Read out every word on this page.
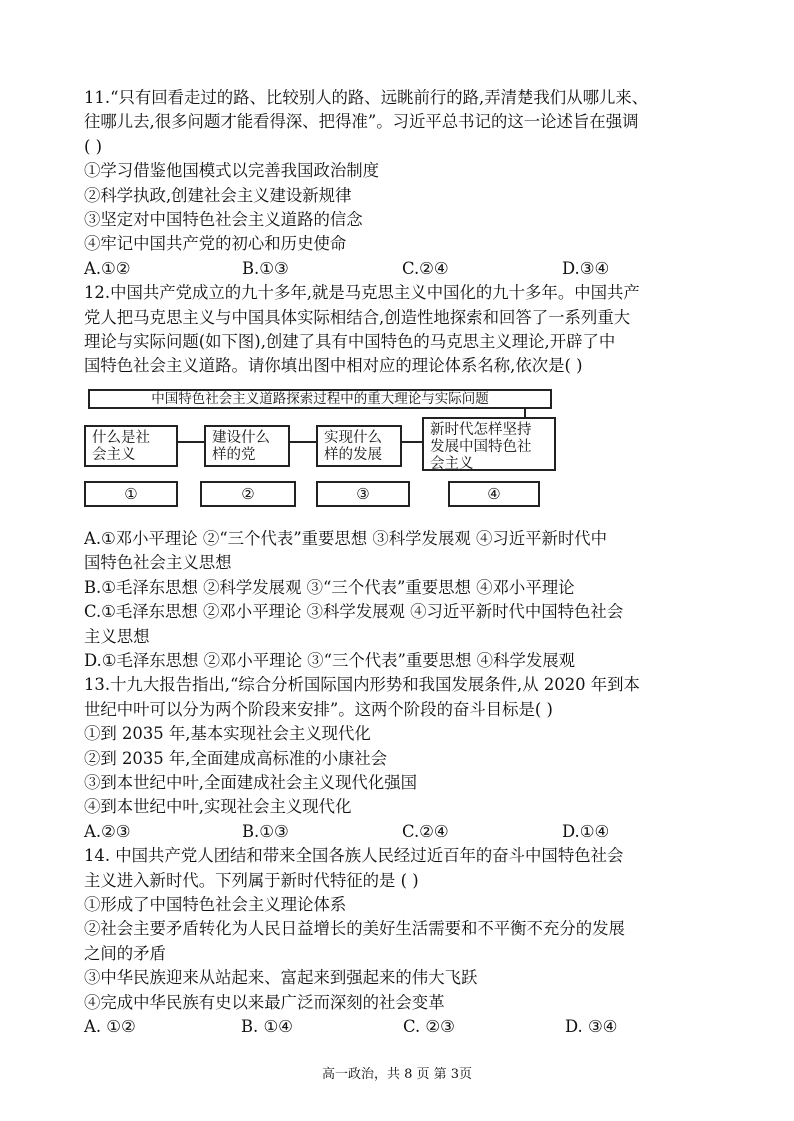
11.“只有回看走过的路、比较别人的路、远眺前行的路,弄清楚我们从哪儿来、
往哪儿去,很多问题才能看得深、把得准”。习近平总书记的这一论述旨在强调
( )
①学习借鉴他国模式以完善我国政治制度
②科学执政,创建社会主义建设新规律
③坚定对中国特色社会主义道路的信念
④牢记中国共产党的初心和历史使命
A.①②	B.①③	C.②④	D.③④
12.中国共产党成立的九十多年,就是马克思主义中国化的九十多年。中国共产
党人把马克思主义与中国具体实际相结合,创造性地探索和回答了一系列重大
理论与实际问题(如下图),创建了具有中国特色的马克思主义理论,开辟了中
国特色社会主义道路。请你填出图中相对应的理论体系名称,依次是( )
中国特色社会主义道路探索过程中的重大理论与实际问题
什么是社
会主义
建设什么
样的党
实现什么
样的发展
新时代怎样坚持
发展中国特色社
会主义
①	②	③	④
A.①邓小平理论 ②“三个代表”重要思想 ③科学发展观 ④习近平新时代中
国特色社会主义思想
B.①毛泽东思想 ②科学发展观 ③“三个代表”重要思想 ④邓小平理论
C.①毛泽东思想 ②邓小平理论 ③科学发展观 ④习近平新时代中国特色社会
主义思想
D.①毛泽东思想 ②邓小平理论 ③“三个代表”重要思想 ④科学发展观
13.十九大报告指出,“综合分析国际国内形势和我国发展条件,从 2020 年到本
世纪中叶可以分为两个阶段来安排”。这两个阶段的奋斗目标是( )
①到 2035 年,基本实现社会主义现代化
②到 2035 年,全面建成高标准的小康社会
③到本世纪中叶,全面建成社会主义现代化强国
④到本世纪中叶,实现社会主义现代化
A.②③	B.①③	C.②④	D.①④
14. 中国共产党人团结和带来全国各族人民经过近百年的奋斗中国特色社会
主义进入新时代。下列属于新时代特征的是 ( )
①形成了中国特色社会主义理论体系
②社会主要矛盾转化为人民日益增长的美好生活需要和不平衡不充分的发展
之间的矛盾
③中华民族迎来从站起来、富起来到强起来的伟大飞跃
④完成中华民族有史以来最广泛而深刻的社会变革
A. ①②	B. ①④	C. ②③	D. ③④
高一政治，共 8 页 第 3页
